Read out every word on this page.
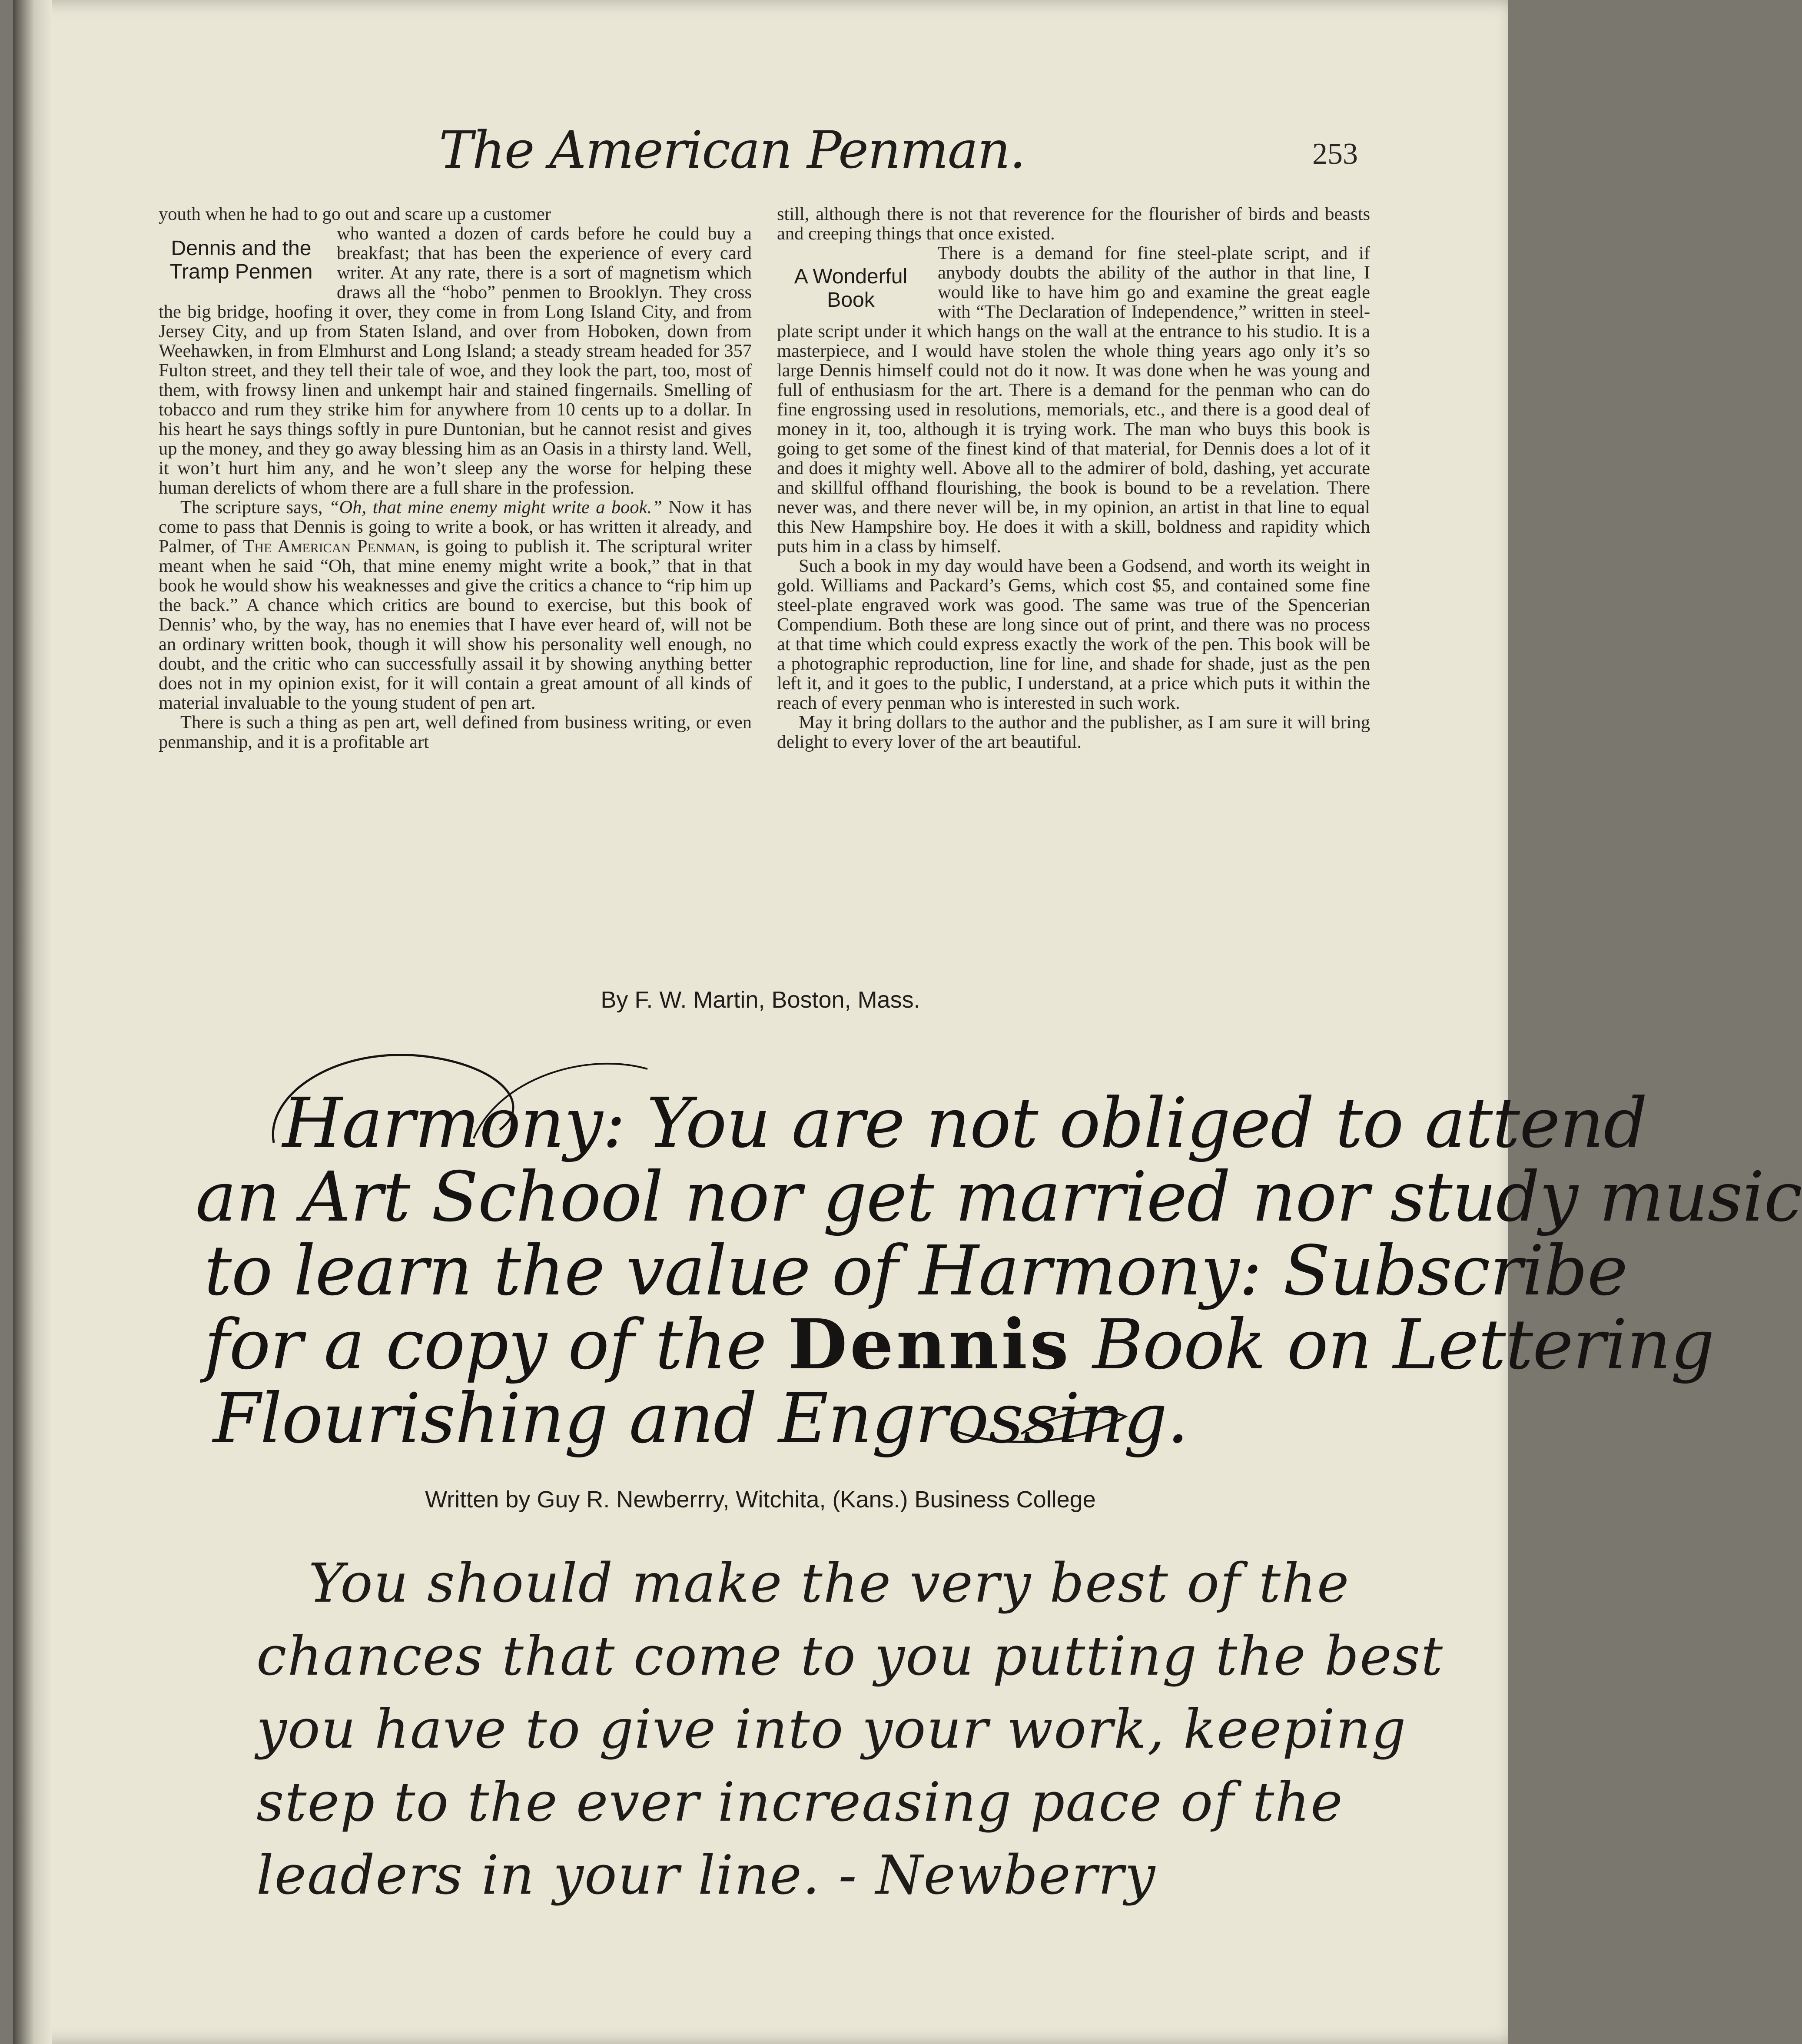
The American Penman.	253

youth when he had to go out and scare up a customer

Dennis and the Tramp Penmen

who wanted a dozen of cards before he could buy a breakfast; that has been the experience of every card writer. At any rate, there is a sort of magnetism which draws all the “hobo” penmen to Brooklyn. They cross the big bridge, hoofing it over, they come in from Long Island City, and from Jersey City, and up from Staten Island, and over from Hoboken, down from Weehawken, in from Elmhurst and Long Island; a steady stream headed for 357 Fulton street, and they tell their tale of woe, and they look the part, too, most of them, with frowsy linen and unkempt hair and stained fingernails. Smelling of tobacco and rum they strike him for anywhere from 10 cents up to a dollar. In his heart he says things softly in pure Duntonian, but he cannot resist and gives up the money, and they go away blessing him as an Oasis in a thirsty land. Well, it won’t hurt him any, and he won’t sleep any the worse for helping these human derelicts of whom there are a full share in the profession.

The scripture says, “Oh, that mine enemy might write a book.” Now it has come to pass that Dennis is going to write a book, or has written it already, and Palmer, of The American Penman, is going to publish it. The scriptural writer meant when he said “Oh, that mine enemy might write a book,” that in that book he would show his weaknesses and give the critics a chance to “rip him up the back.” A chance which critics are bound to exercise, but this book of Dennis’ who, by the way, has no enemies that I have ever heard of, will not be an ordinary written book, though it will show his personality well enough, no doubt, and the critic who can successfully assail it by showing anything better does not in my opinion exist, for it will contain a great amount of all kinds of material invaluable to the young student of pen art.

There is such a thing as pen art, well defined from business writing, or even penmanship, and it is a profitable art

still, although there is not that reverence for the flourisher of birds and beasts and creeping things that once existed.

A Wonderful Book

There is a demand for fine steel-plate script, and if anybody doubts the ability of the author in that line, I would like to have him go and examine the great eagle with “The Declaration of Independence,” written in steel-plate script under it which hangs on the wall at the entrance to his studio. It is a masterpiece, and I would have stolen the whole thing years ago only it’s so large Dennis himself could not do it now. It was done when he was young and full of enthusiasm for the art. There is a demand for the penman who can do fine engrossing used in resolutions, memorials, etc., and there is a good deal of money in it, too, although it is trying work. The man who buys this book is going to get some of the finest kind of that material, for Dennis does a lot of it and does it mighty well. Above all to the admirer of bold, dashing, yet accurate and skillful offhand flourishing, the book is bound to be a revelation. There never was, and there never will be, in my opinion, an artist in that line to equal this New Hampshire boy. He does it with a skill, boldness and rapidity which puts him in a class by himself.

Such a book in my day would have been a Godsend, and worth its weight in gold. Williams and Packard’s Gems, which cost $5, and contained some fine steel-plate engraved work was good. The same was true of the Spencerian Compendium. Both these are long since out of print, and there was no process at that time which could express exactly the work of the pen. This book will be a photographic reproduction, line for line, and shade for shade, just as the pen left it, and it goes to the public, I understand, at a price which puts it within the reach of every penman who is interested in such work.

May it bring dollars to the author and the publisher, as I am sure it will bring delight to every lover of the art beautiful.

By F. W. Martin, Boston, Mass.
Harmony: You are not obliged to attend
an Art School nor get married nor study music
to learn the value of Harmony: Subscribe
for a copy of the Dennis Book on Lettering
Flourishing and Engrossing.
Written by Guy R. Newberrry, Witchita, (Kans.) Business College
You should make the very best of the
chances that come to you putting the best
you have to give into your work, keeping
step to the ever increasing pace of the
leaders in your line. - Newberry
